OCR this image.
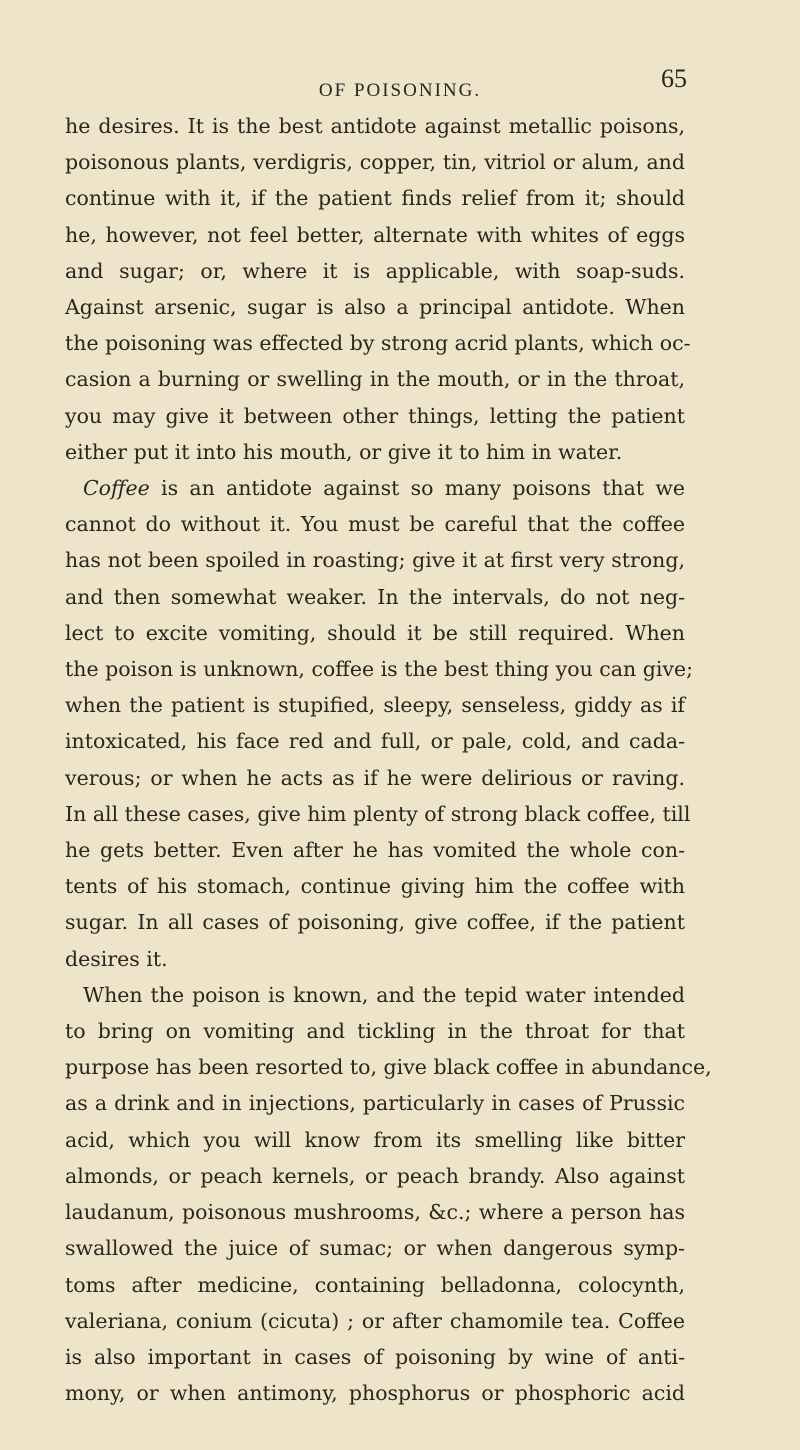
OF POISONING.	65
he desires. It is the best antidote against metallic poisons,
poisonous plants, verdigris, copper, tin, vitriol or alum, and
continue with it, if the patient finds relief from it; should
he, however, not feel better, alternate with whites of eggs
and sugar; or, where it is applicable, with soap-suds.
Against arsenic, sugar is also a principal antidote. When
the poisoning was effected by strong acrid plants, which oc-
casion a burning or swelling in the mouth, or in the throat,
you may give it between other things, letting the patient
either put it into his mouth, or give it to him in water.
Coffee is an antidote against so many poisons that we
cannot do without it. You must be careful that the coffee
has not been spoiled in roasting; give it at first very strong,
and then somewhat weaker. In the intervals, do not neg-
lect to excite vomiting, should it be still required. When
the poison is unknown, coffee is the best thing you can give;
when the patient is stupified, sleepy, senseless, giddy as if
intoxicated, his face red and full, or pale, cold, and cada-
verous; or when he acts as if he were delirious or raving.
In all these cases, give him plenty of strong black coffee, till
he gets better. Even after he has vomited the whole con-
tents of his stomach, continue giving him the coffee with
sugar. In all cases of poisoning, give coffee, if the patient
desires it.
When the poison is known, and the tepid water intended
to bring on vomiting and tickling in the throat for that
purpose has been resorted to, give black coffee in abundance,
as a drink and in injections, particularly in cases of Prussic
acid, which you will know from its smelling like bitter
almonds, or peach kernels, or peach brandy. Also against
laudanum, poisonous mushrooms, &c.; where a person has
swallowed the juice of sumac; or when dangerous symp-
toms after medicine, containing belladonna, colocynth,
valeriana, conium (cicuta) ; or after chamomile tea. Coffee
is also important in cases of poisoning by wine of anti-
mony, or when antimony, phosphorus or phosphoric acid
